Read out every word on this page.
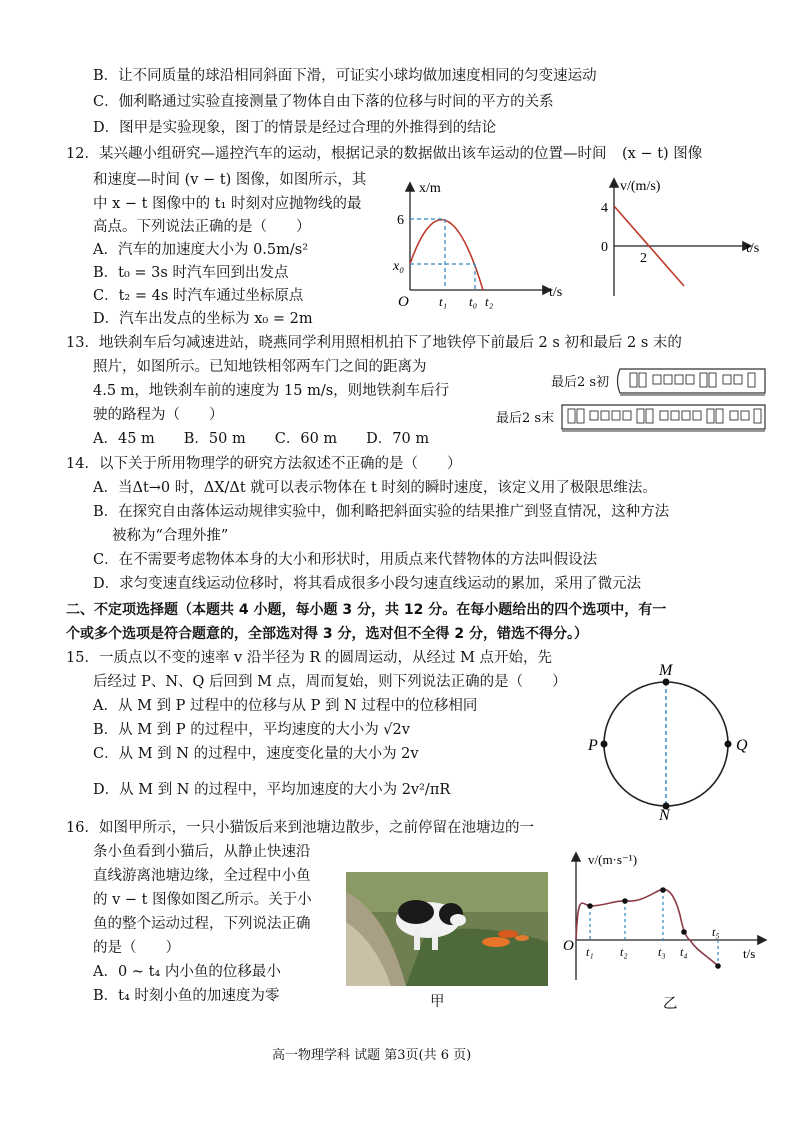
B．让不同质量的球沿相同斜面下滑，可证实小球均做加速度相同的匀变速运动
C．伽利略通过实验直接测量了物体自由下落的位移与时间的平方的关系
D．图甲是实验现象，图丁的情景是经过合理的外推得到的结论
12．某兴趣小组研究—遥控汽车的运动，根据记录的数据做出该车运动的位置—时间 (x − t) 图像
和速度—时间 (v − t) 图像，如图所示，其
中 x − t 图像中的 t₁ 时刻对应抛物线的最
高点。下列说法正确的是（　　）
A．汽车的加速度大小为 0.5m/s²
B．t₀ = 3s 时汽车回到出发点
C．t₂ = 4s 时汽车通过坐标原点
D．汽车出发点的坐标为 x₀ = 2m
x/m
6
x₀
O t₁ t₀ t₂
t/s
v/(m/s)
4
0
2
t/s
13．地铁刹车后匀减速进站，晓燕同学利用照相机拍下了地铁停下前最后 2 s 初和最后 2 s 末的
照片，如图所示。已知地铁相邻两车门之间的距离为
4.5 m，地铁刹车前的速度为 15 m/s，则地铁刹车后行
驶的路程为（　　）
A．45 m　　B．50 m　　C．60 m　　D．70 m
最后2 s初
最后2 s末
14．以下关于所用物理学的研究方法叙述不正确的是（　　）
A．当Δt→0 时，ΔX/Δt 就可以表示物体在 t 时刻的瞬时速度，该定义用了极限思维法。
B．在探究自由落体运动规律实验中，伽利略把斜面实验的结果推广到竖直情况，这种方法
被称为“合理外推”
C．在不需要考虑物体本身的大小和形状时，用质点来代替物体的方法叫假设法
D．求匀变速直线运动位移时，将其看成很多小段匀速直线运动的累加，采用了微元法
二、不定项选择题（本题共 4 小题，每小题 3 分，共 12 分。在每小题给出的四个选项中，有一
个或多个选项是符合题意的，全部选对得 3 分，选对但不全得 2 分，错选不得分。）
15．一质点以不变的速率 v 沿半径为 R 的圆周运动，从经过 M 点开始，先
后经过 P、N、Q 后回到 M 点，周而复始，则下列说法正确的是（　　）
A．从 M 到 P 过程中的位移与从 P 到 N 过程中的位移相同
B．从 M 到 P 的过程中，平均速度的大小为 √2v
C．从 M 到 N 的过程中，速度变化量的大小为 2v
D．从 M 到 N 的过程中，平均加速度的大小为 2v²/πR
M
N
P	Q
16．如图甲所示，一只小猫饭后来到池塘边散步，之前停留在池塘边的一
条小鱼看到小猫后，从静止快速沿
直线游离池塘边缘，全过程中小鱼
的 v − t 图像如图乙所示。关于小
鱼的整个运动过程，下列说法正确
的是（　　）
A．0 ~ t₄ 内小鱼的位移最小
B．t₄ 时刻小鱼的加速度为零	甲
v/(m·s⁻¹)
O t₁ t₂	t₃ t₄
t₅
t/s
乙
高一物理学科 试题 第3页(共 6 页)
